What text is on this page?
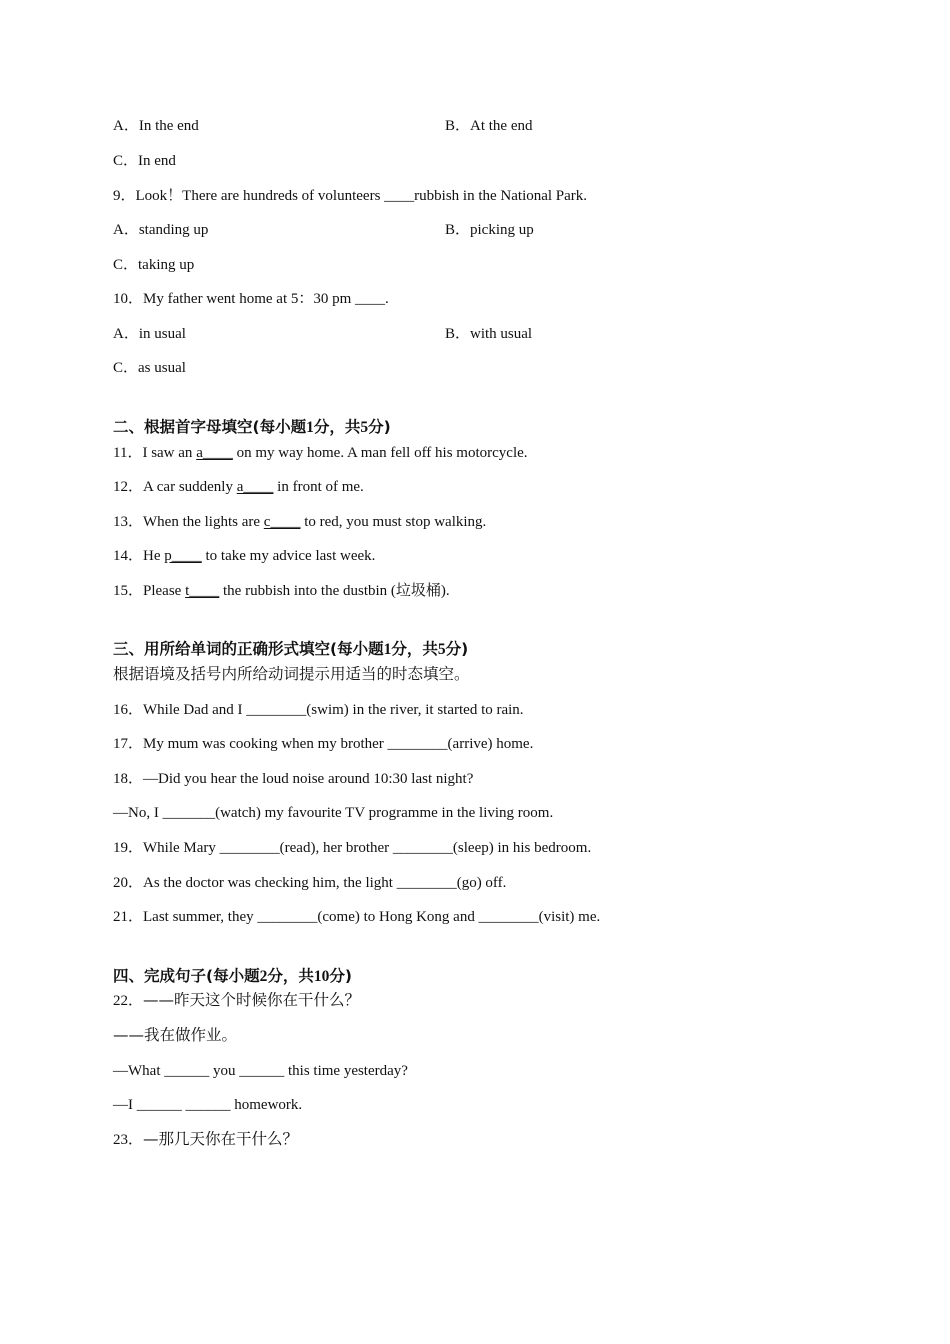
A．In the end	B．At the end
C．In end
9．Look！There are hundreds of volunteers ____rubbish in the National Park.
A．standing up	B．picking up
C．taking up
10．My father went home at 5：30 pm ____.
A．in usual	B．with usual
C．as usual
二、根据首字母填空(每小题1分，共5分)
11．I saw an a____ on my way home. A man fell off his motorcycle.
12．A car suddenly a____ in front of me.
13．When the lights are c____ to red, you must stop walking.
14．He p____ to take my advice last week.
15．Please t____ the rubbish into the dustbin (垃圾桶).
三、用所给单词的正确形式填空(每小题1分，共5分)
根据语境及括号内所给动词提示用适当的时态填空。
16．While Dad and I ________(swim) in the river, it started to rain.
17．My mum was cooking when my brother ________(arrive) home.
18．—Did you hear the loud noise around 10:30 last night?
—No, I _______(watch) my favourite TV programme in the living room.
19．While Mary ________(read), her brother ________(sleep) in his bedroom.
20．As the doctor was checking him, the light ________(go) off.
21．Last summer, they ________(come) to Hong Kong and ________(visit) me.
四、完成句子(每小题2分，共10分)
22．——昨天这个时候你在干什么？
——我在做作业。
—What ______ you ______ this time yesterday?
—I ______ ______ homework.
23．—那几天你在干什么？
